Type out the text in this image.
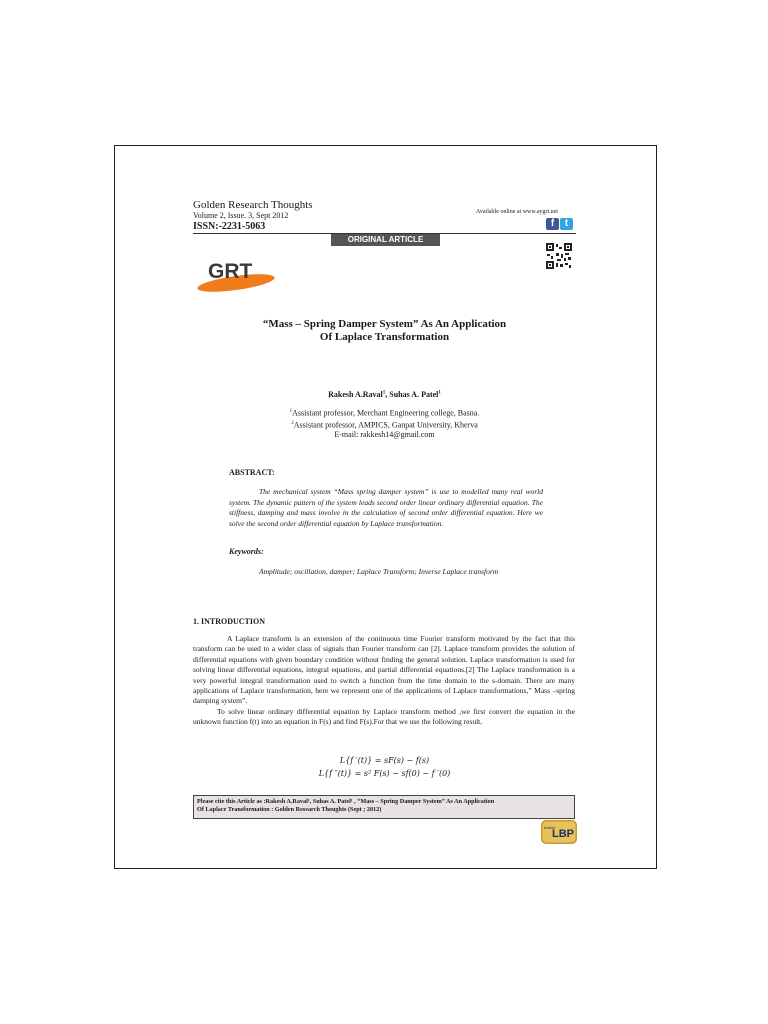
Golden Research Thoughts
Volume 2, Issue. 3, Sept 2012
ISSN:-2231-5063
Available online at www.aygrt.net
f	t
ORIGINAL ARTICLE
GRT
“Mass – Spring Damper System” As An Application
Of Laplace Transformation
Rakesh A.Raval$^1$, Suhas A. Patel$^1$
$^1$Assistant professor, Merchant Engineering college, Basna.
$^2$Assistant professor, AMPICS, Ganpat University, Kherva
E-mail: rakkesh14@gmail.com
ABSTRACT:
The mechanical system “Mass spring damper system” is use to modelled many real world system. The dynamic pattern of the system leads second order linear ordinary differential equation. The stiffness, damping and mass involve in the calculation of second order differential equation. Here we solve the second order differential equation by Laplace transformation.
Keywords:
Amplitude; oscillation, damper; Laplace Transform; Inverse Laplace transform
1. INTRODUCTION

A Laplace transform is an extension of the continuous time Fourier transform motivated by the fact that this transform can be used to a wider class of signals than Fourier transform can [2]. Laplace transform provides the solution of differential equations with given boundary condition without finding the general solution. Laplace transformation is used for solving linear differential equations, integral equations, and partial differential equations.[2] The Laplace transformation is a very powerful integral transformation used to switch a function from the time domain to the s-domain. There are many applications of Laplace transformation, here we represent one of the applications of Laplace transformations,” Mass –spring damping system”.

To solve linear ordinary differential equation by Laplace transform method ,we first convert the equation in the unknown function f(t) into an equation in F(s) and find F(s).For that we use the following result,

L{f ′(t)} = sF(s) − f(s)
L{f ″(t)} = s² F(s) − sf(0) − f ′(0)
Please cite this Article as :Rakesh A.Raval¹, Suhas A. Patel¹ , “Mass – Spring Damper System” As An Application
Of Laplace Transformation : Golden Research Thoughts (Sept ; 2012)
Indian
LBP
